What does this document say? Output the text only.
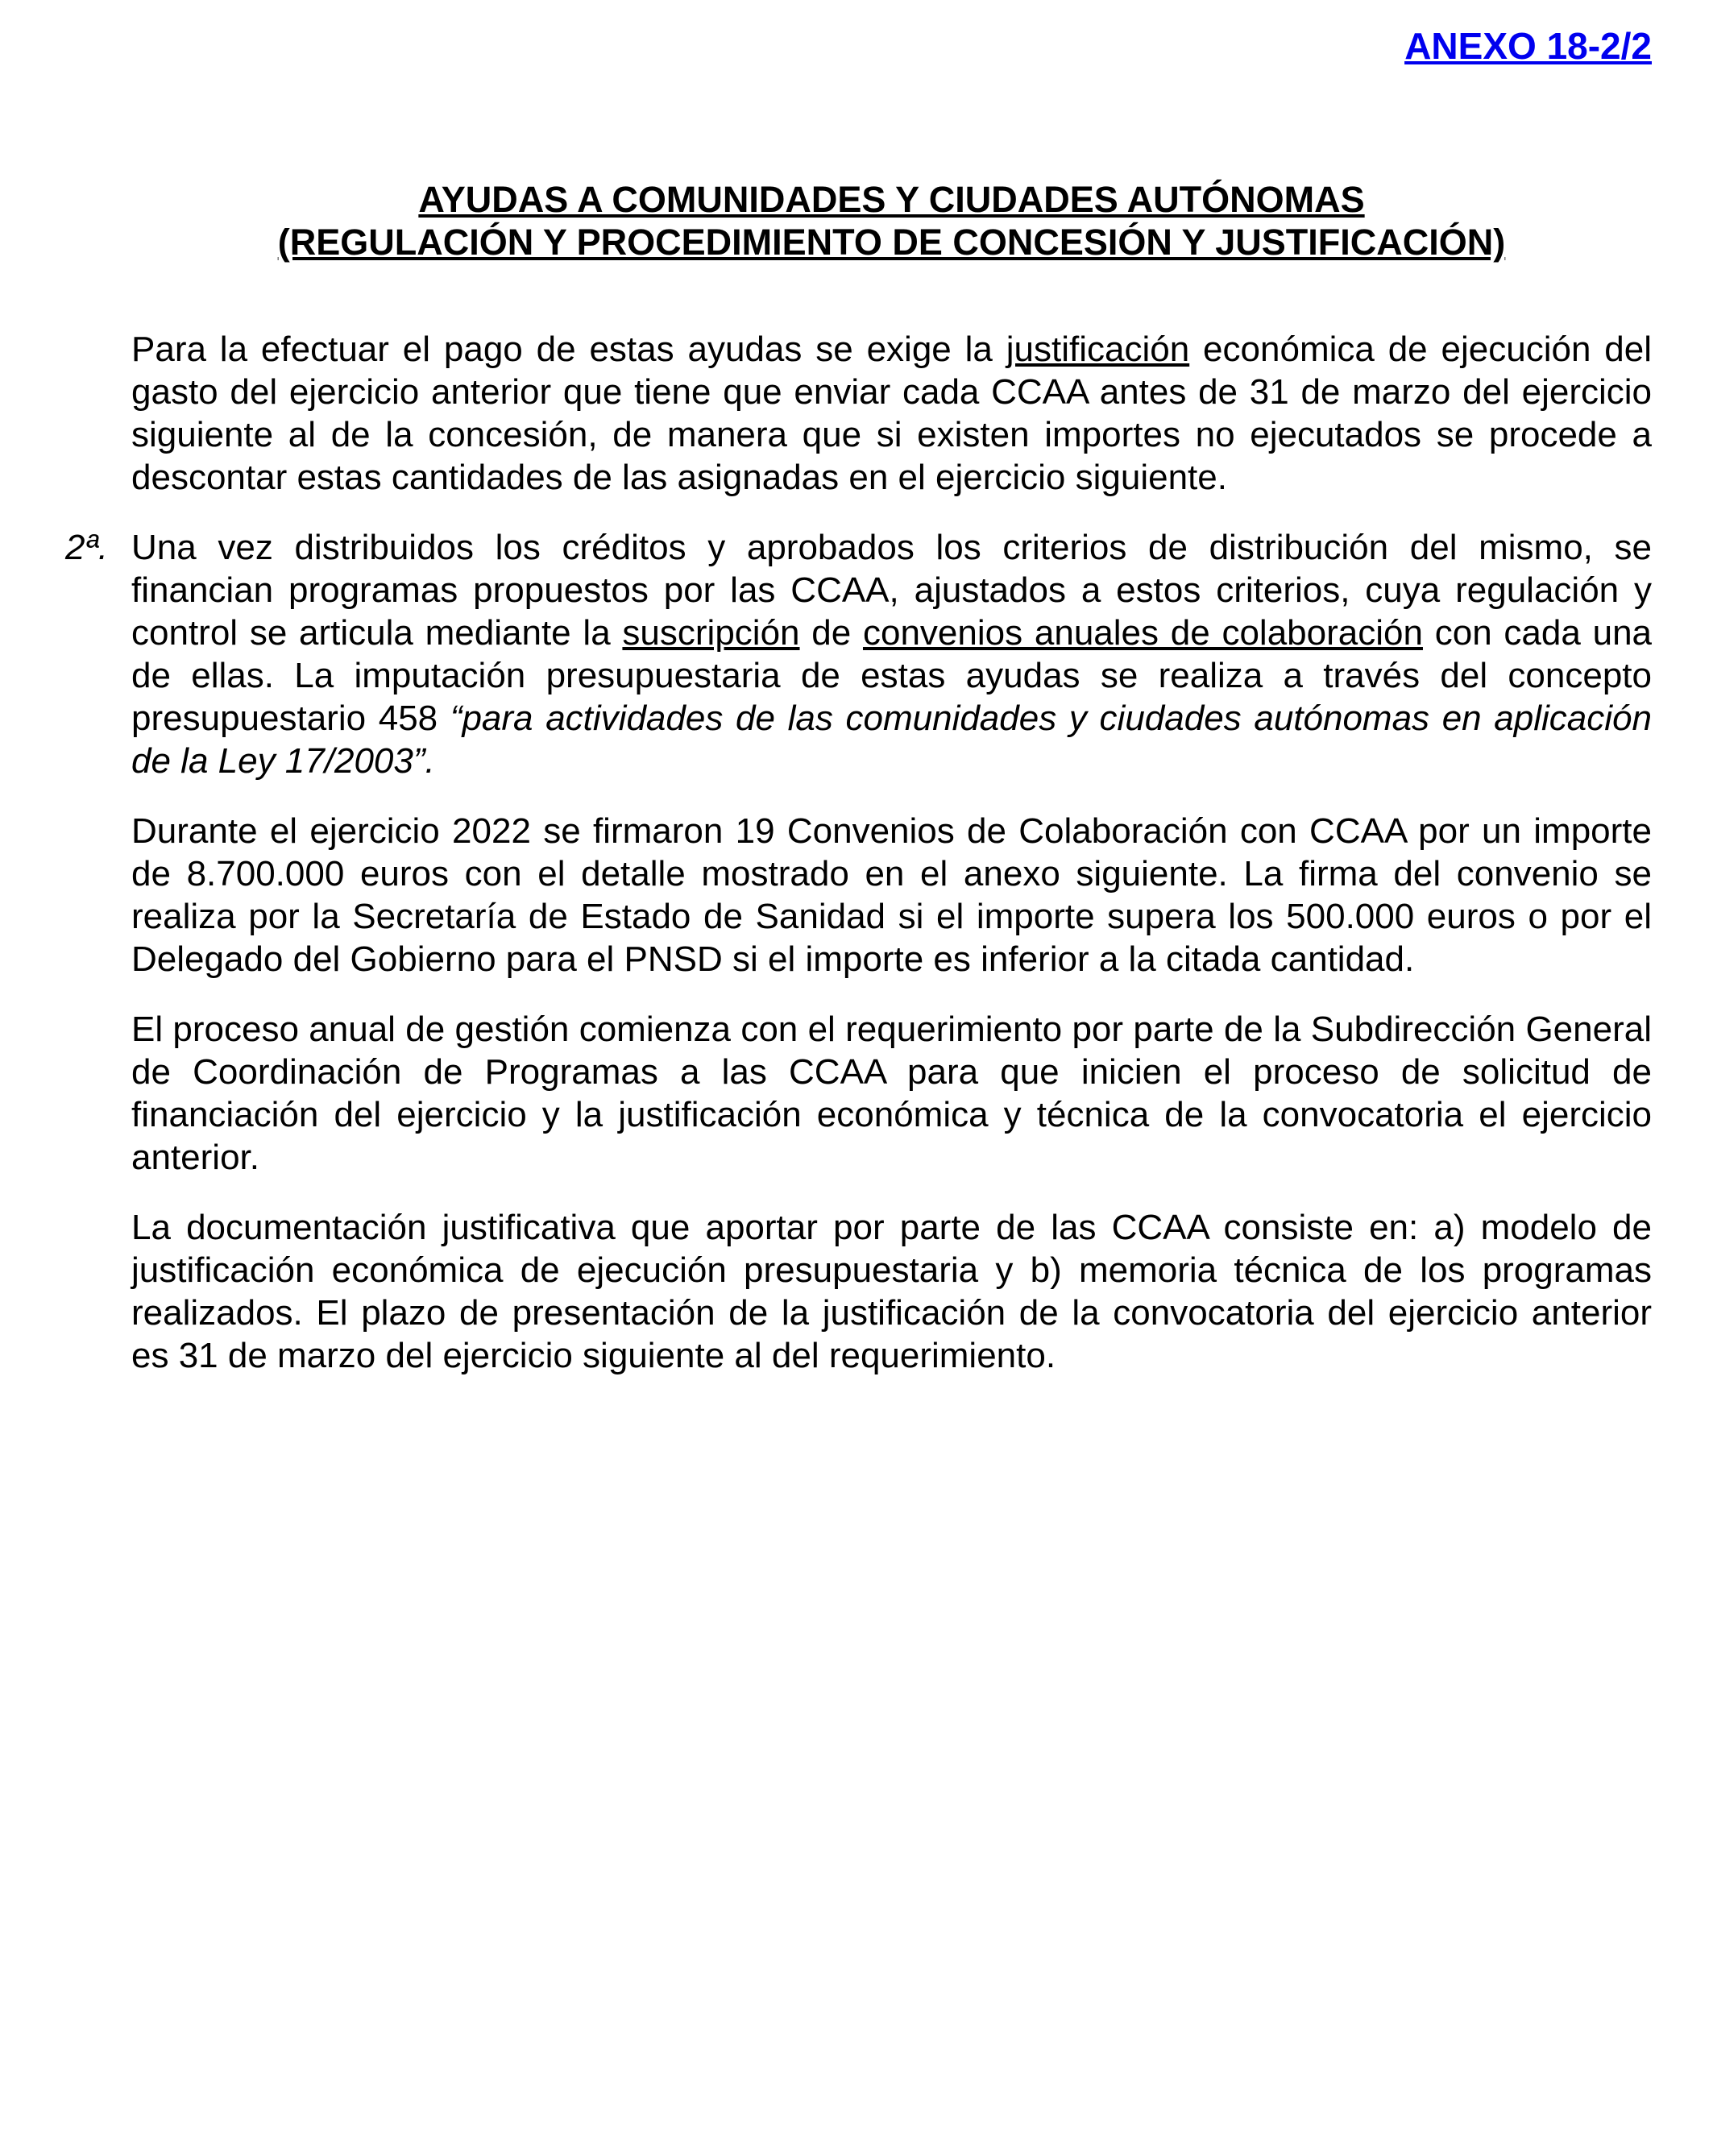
ANEXO 18-2/2
AYUDAS A COMUNIDADES Y CIUDADES AUTÓNOMAS
(REGULACIÓN Y PROCEDIMIENTO DE CONCESIÓN Y JUSTIFICACIÓN)
Para la efectuar el pago de estas ayudas se exige la justificación económica de ejecución del gasto del ejercicio anterior que tiene que enviar cada CCAA antes de 31 de marzo del ejercicio siguiente al de la concesión, de manera que si existen importes no ejecutados se procede a descontar estas cantidades de las asignadas en el ejercicio siguiente.
2ª. Una vez distribuidos los créditos y aprobados los criterios de distribución del mismo, se financian programas propuestos por las CCAA, ajustados a estos criterios, cuya regulación y control se articula mediante la suscripción de convenios anuales de colaboración con cada una de ellas. La imputación presupuestaria de estas ayudas se realiza a través del concepto presupuestario 458 “para actividades de las comunidades y ciudades autónomas en aplicación de la Ley 17/2003”.
Durante el ejercicio 2022 se firmaron 19 Convenios de Colaboración con CCAA por un importe de 8.700.000 euros con el detalle mostrado en el anexo siguiente. La firma del convenio se realiza por la Secretaría de Estado de Sanidad si el importe supera los 500.000 euros o por el Delegado del Gobierno para el PNSD si el importe es inferior a la citada cantidad.
El proceso anual de gestión comienza con el requerimiento por parte de la Subdirección General de Coordinación de Programas a las CCAA para que inicien el proceso de solicitud de financiación del ejercicio y la justificación económica y técnica de la convocatoria el ejercicio anterior.
La documentación justificativa que aportar por parte de las CCAA consiste en: a) modelo de justificación económica de ejecución presupuestaria y b) memoria técnica de los programas realizados. El plazo de presentación de la justificación de la convocatoria del ejercicio anterior es 31 de marzo del ejercicio siguiente al del requerimiento.
